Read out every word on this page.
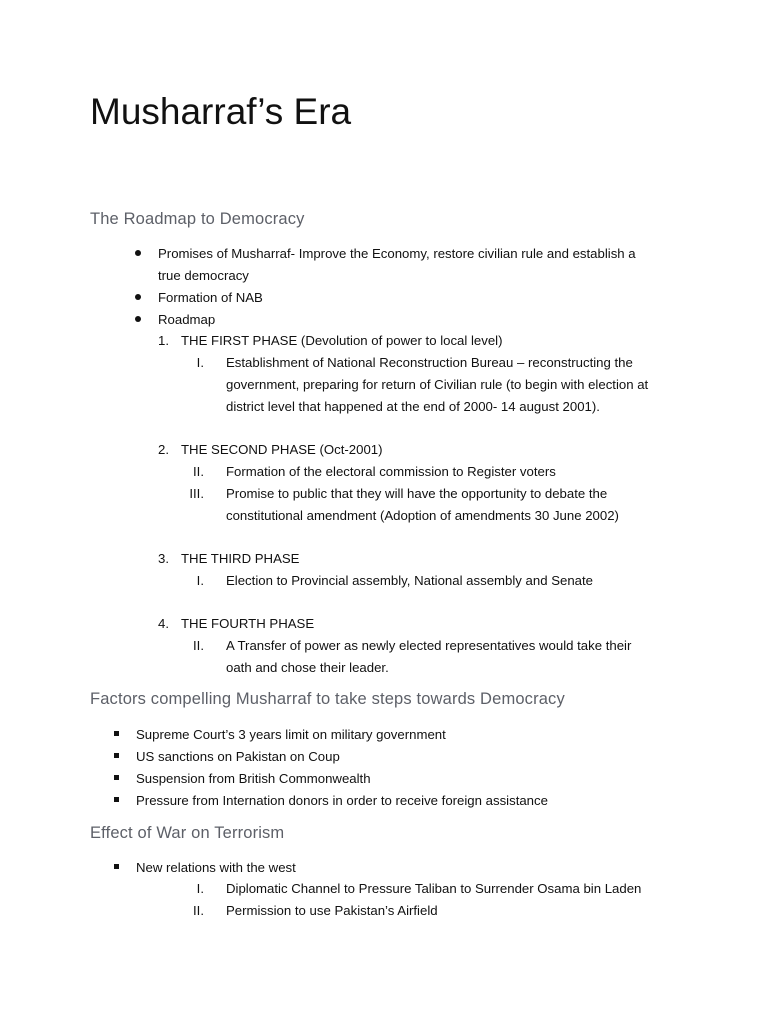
Musharraf’s Era
The Roadmap to Democracy
Promises of Musharraf- Improve the Economy, restore civilian rule and establish a
true democracy
Formation of NAB
Roadmap
1. THE FIRST PHASE (Devolution of power to local level)
I. Establishment of National Reconstruction Bureau – reconstructing the
government, preparing for return of Civilian rule (to begin with election at
district level that happened at the end of 2000- 14 august 2001).
2. THE SECOND PHASE (Oct-2001)
II. Formation of the electoral commission to Register voters
III. Promise to public that they will have the opportunity to debate the
constitutional amendment (Adoption of amendments 30 June 2002)
3. THE THIRD PHASE
I. Election to Provincial assembly, National assembly and Senate
4. THE FOURTH PHASE
II. A Transfer of power as newly elected representatives would take their
oath and chose their leader.
Factors compelling Musharraf to take steps towards Democracy
Supreme Court’s 3 years limit on military government
US sanctions on Pakistan on Coup
Suspension from British Commonwealth
Pressure from Internation donors in order to receive foreign assistance
Effect of War on Terrorism
New relations with the west
I. Diplomatic Channel to Pressure Taliban to Surrender Osama bin Laden
II. Permission to use Pakistan’s Airfield
